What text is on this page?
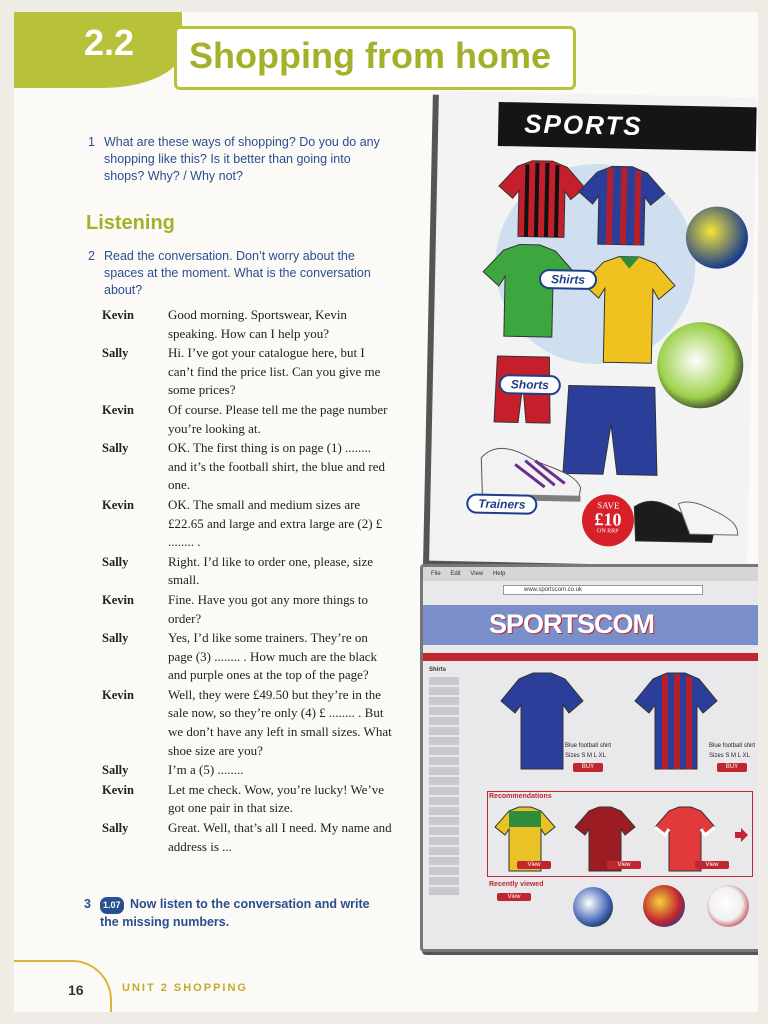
2.2 Shopping from home
1 What are these ways of shopping? Do you do any shopping like this? Is it better than going into shops? Why? / Why not?
Listening
2 Read the conversation. Don’t worry about the spaces at the moment. What is the conversation about?
Kevin	Good morning. Sportswear, Kevin speaking. How can I help you?
Sally	Hi. I’ve got your catalogue here, but I can’t find the price list. Can you give me some prices?
Kevin	Of course. Please tell me the page number you’re looking at.
Sally	OK. The first thing is on page (1) ........ and it’s the football shirt, the blue and red one.
Kevin	OK. The small and medium sizes are £22.65 and large and extra large are (2) £ ........ .
Sally	Right. I’d like to order one, please, size small.
Kevin	Fine. Have you got any more things to order?
Sally	Yes, I’d like some trainers. They’re on page (3) ........ . How much are the black and purple ones at the top of the page?
Kevin	Well, they were £49.50 but they’re in the sale now, so they’re only (4) £ ........ . But we don’t have any left in small sizes. What shoe size are you?
Sally	I’m a (5) ........
Kevin	Let me check. Wow, you’re lucky! We’ve got one pair in that size.
Sally	Great. Well, that’s all I need. My name and address is ...
3 1.07 Now listen to the conversation and write the missing numbers.
16	UNIT 2 SHOPPING
SPORTS
Shirts
Shorts
Trainers	SAVE
£10
ON RRP
File Edit View Help
www.sportscom.co.uk
SPORTSCOM
Shirts
Blue football shirt
Sizes S M L XL
BUY
Blue football shirt
Sizes S M L XL
BUY
Recommendations
View	View	View
Recently viewed
View
